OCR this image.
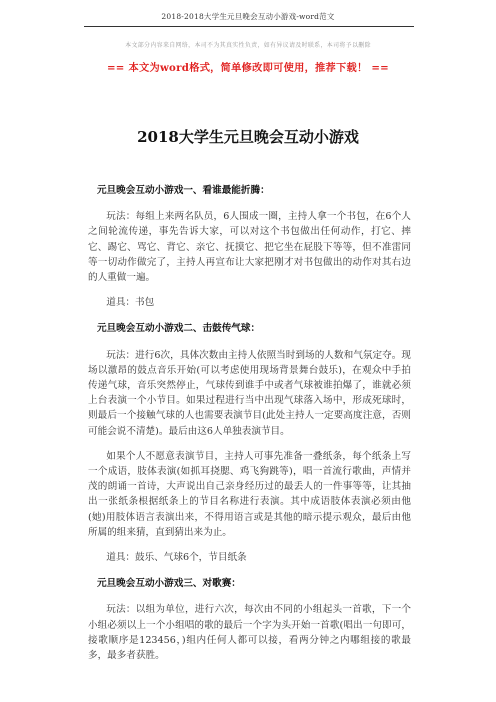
2018-2018大学生元旦晚会互动小游戏-word范文
本文部分内容来自网络，本司不为其真实性负责，如有异议请及时联系，本司将予以删除
== 本文为word格式，简单修改即可使用，推荐下载！ ==
2018大学生元旦晚会互动小游戏
元旦晚会互动小游戏一、看谁最能折腾：

玩法：每组上来两名队员，6人围成一圈，主持人拿一个书包，在6个人之间轮流传递，事先告诉大家，可以对这个书包做出任何动作，打它、摔它、踢它、骂它、背它、亲它、抚摸它、把它坐在屁股下等等，但不准雷同等一切动作做完了，主持人再宣布让大家把刚才对书包做出的动作对其右边的人重做一遍。

道具：书包

元旦晚会互动小游戏二、击鼓传气球：

玩法：进行6次，具体次数由主持人依照当时到场的人数和气氛定夺。现场以激昂的鼓点音乐开始(可以考虑使用现场背景舞台鼓乐)，在观众中手拍传递气球，音乐突然停止，气球传到谁手中或者气球被谁拍爆了，谁就必须上台表演一个小节目。如果过程进行当中出现气球落入场中，形成死球时，则最后一个接触气球的人也需要表演节目(此处主持人一定要高度注意，否则可能会说不清楚)。最后由这6人单独表演节目。

如果个人不愿意表演节目，主持人可事先准备一叠纸条，每个纸条上写一个成语，肢体表演(如抓耳挠腮、鸡飞狗跳等)，唱一首流行歌曲，声情并茂的朗诵一首诗，大声说出自己亲身经历过的最丢人的一件事等等，让其抽出一张纸条根据纸条上的节目名称进行表演。其中成语肢体表演必须由他(她)用肢体语言表演出来，不得用语言或是其他的暗示提示观众，最后由他所属的组来猜，直到猜出来为止。

道具：鼓乐、气球6个，节目纸条

元旦晚会互动小游戏三、对歌赛：

玩法：以组为单位，进行六次，每次由不同的小组起头一首歌，下一个小组必须以上一个小组唱的歌的最后一个字为头开始一首歌(唱出一句即可，接歌顺序是123456，)组内任何人都可以接，看两分钟之内哪组接的歌最多，最多者获胜。
